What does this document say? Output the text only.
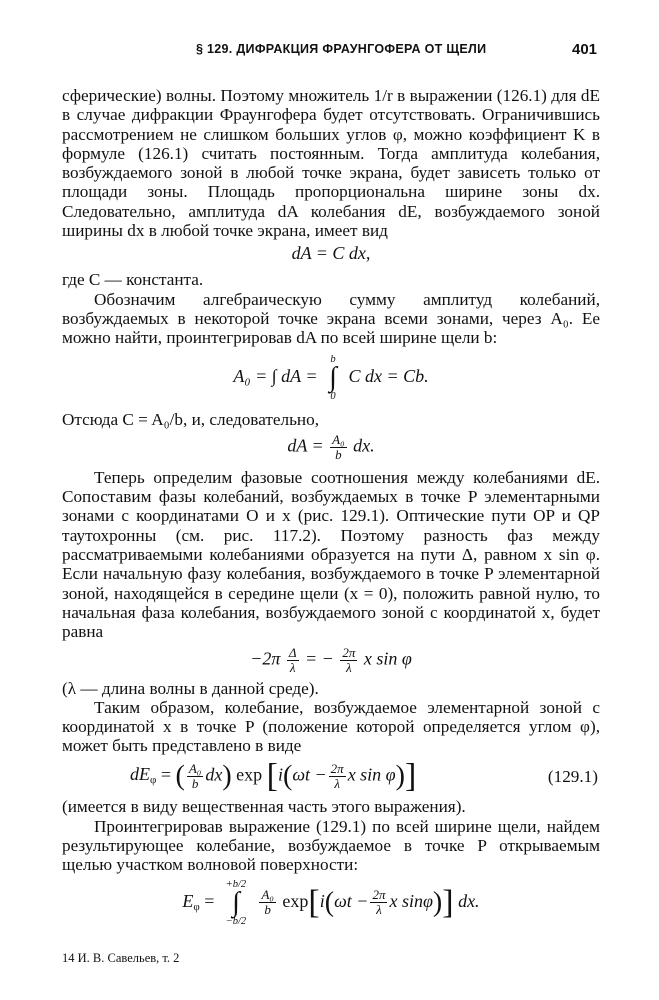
§ 129. ДИФРАКЦИЯ ФРАУНГОФЕРА ОТ ЩЕЛИ	401

сферические) волны. Поэтому множитель 1/r в выражении (126.1) для dE в случае дифракции Фраунгофера будет отсутствовать. Ограничившись рассмотрением не слишком больших углов φ, можно коэффициент K в формуле (126.1) считать постоянным. Тогда амплитуда колебания, возбуждаемого зоной в любой точке экрана, будет зависеть только от площади зоны. Площадь пропорциональна ширине зоны dx. Следовательно, амплитуда dA колебания dE, возбуждаемого зоной ширины dx в любой точке экрана, имеет вид

dA = C dx,

где C — константа.

Обозначим алгебраическую сумму амплитуд колебаний, возбуждаемых в некоторой точке экрана всеми зонами, через A₀. Ее можно найти, проинтегрировав dA по всей ширине щели b:

A₀ = ∫ dA =
b
∫
0
C dx = Cb.

Отсюда C = A₀/b, и, следовательно,

dA = $\frac{\text{A₀}}{b}$ dx.

Теперь определим фазовые соотношения между колебаниями dE. Сопоставим фазы колебаний, возбуждаемых в точке P элементарными зонами с координатами O и x (рис. 129.1). Оптические пути OP и QP таутохронны (см. рис. 117.2). Поэтому разность фаз между рассматриваемыми колебаниями образуется на пути Δ, равном x sin φ. Если начальную фазу колебания, возбуждаемого в точке P элементарной зоной, находящейся в середине щели (x = 0), положить равной нулю, то начальная фаза колебания, возбуждаемого зоной с координатой x, будет равна

$-2\pi \frac{\Delta}{\lambda}$ = − $\frac{2\pi}{\lambda}$ x sin φ

(λ — длина волны в данной среде).

Таким образом, колебание, возбуждаемое элементарной зоной с координатой x в точке P (положение которой определяется углом φ), может быть представлено в виде

$dE_\varphi$ = ( $\frac{\text{A₀}}{b} dx$) $\exp [i(\omega t - \frac{2\pi}{\lambda}$ x sin φ)]	(129.1)

(имеется в виду вещественная часть этого выражения).

Проинтегрировав выражение (129.1) по всей ширине щели, найдем результирующее колебание, возбуждаемое в точке P открываемым щелью участком волновой поверхности:

$E_\varphi$ =
+b/2
∫
−b/2

$\frac{\text{A₀}}{b} \exp[i(\omega t - \frac{2\pi}{\lambda}$ x sinφ)] dx.
14 И. В. Савельев, т. 2
